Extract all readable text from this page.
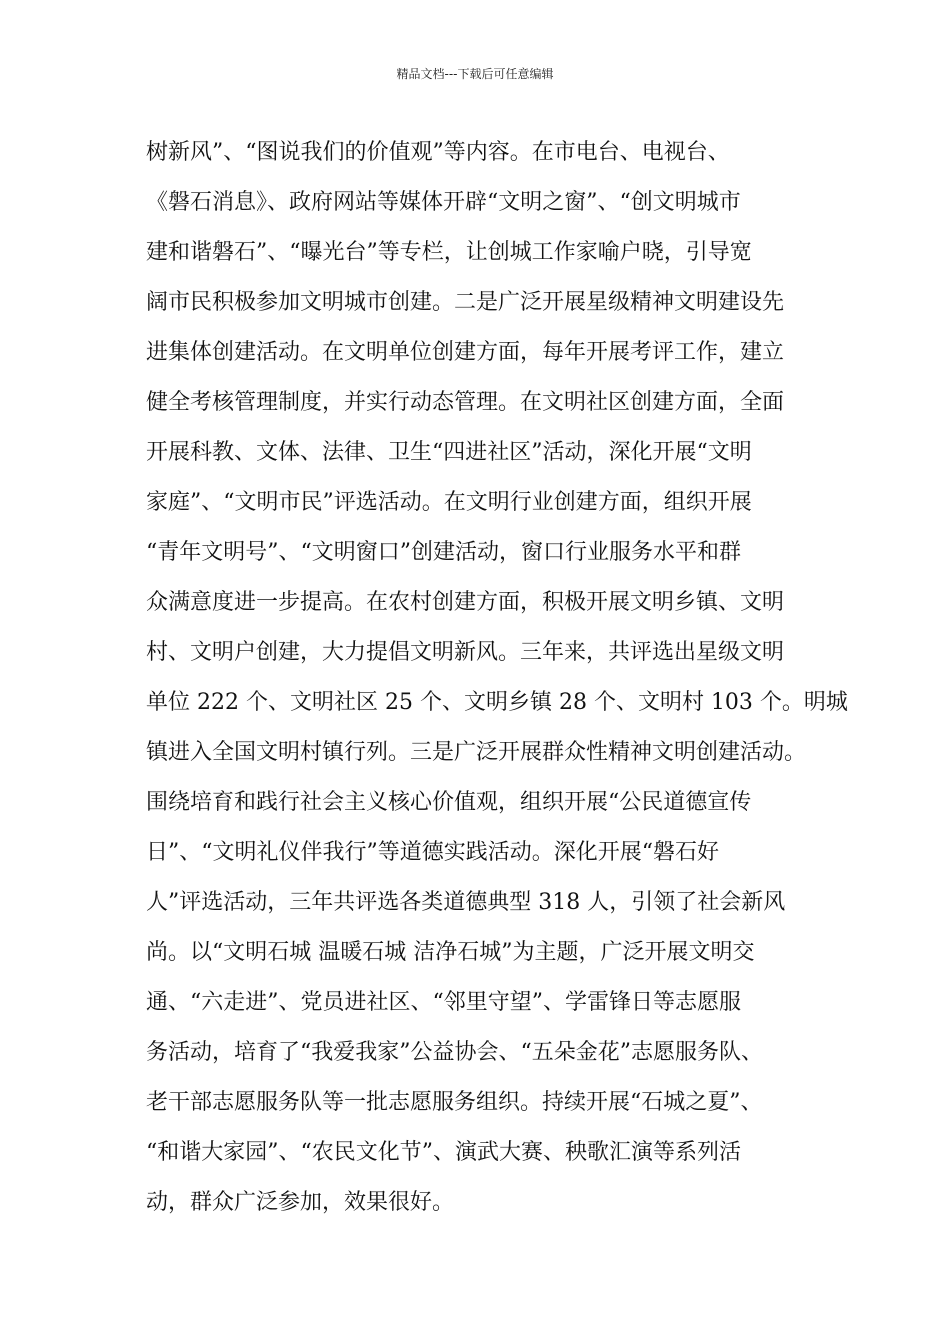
精品文档---下载后可任意编辑
树新风”、“图说我们的价值观”等内容。在市电台、电视台、
《磐石消息》、政府网站等媒体开辟“文明之窗”、“创文明城市
建和谐磐石”、“曝光台”等专栏，让创城工作家喻户晓，引导宽
阔市民积极参加文明城市创建。二是广泛开展星级精神文明建设先
进集体创建活动。在文明单位创建方面，每年开展考评工作，建立
健全考核管理制度，并实行动态管理。在文明社区创建方面，全面
开展科教、文体、法律、卫生“四进社区”活动，深化开展“文明
家庭”、“文明市民”评选活动。在文明行业创建方面，组织开展
“青年文明号”、“文明窗口”创建活动，窗口行业服务水平和群
众满意度进一步提高。在农村创建方面，积极开展文明乡镇、文明
村、文明户创建，大力提倡文明新风。三年来，共评选出星级文明
单位 222 个、文明社区 25 个、文明乡镇 28 个、文明村 103 个。明城
镇进入全国文明村镇行列。三是广泛开展群众性精神文明创建活动。
围绕培育和践行社会主义核心价值观，组织开展“公民道德宣传
日”、“文明礼仪伴我行”等道德实践活动。深化开展“磐石好
人”评选活动，三年共评选各类道德典型 318 人，引领了社会新风
尚。以“文明石城 温暖石城 洁净石城”为主题，广泛开展文明交
通、“六走进”、党员进社区、“邻里守望”、学雷锋日等志愿服
务活动，培育了“我爱我家”公益协会、“五朵金花”志愿服务队、
老干部志愿服务队等一批志愿服务组织。持续开展“石城之夏”、
“和谐大家园”、“农民文化节”、演武大赛、秧歌汇演等系列活
动，群众广泛参加，效果很好。
